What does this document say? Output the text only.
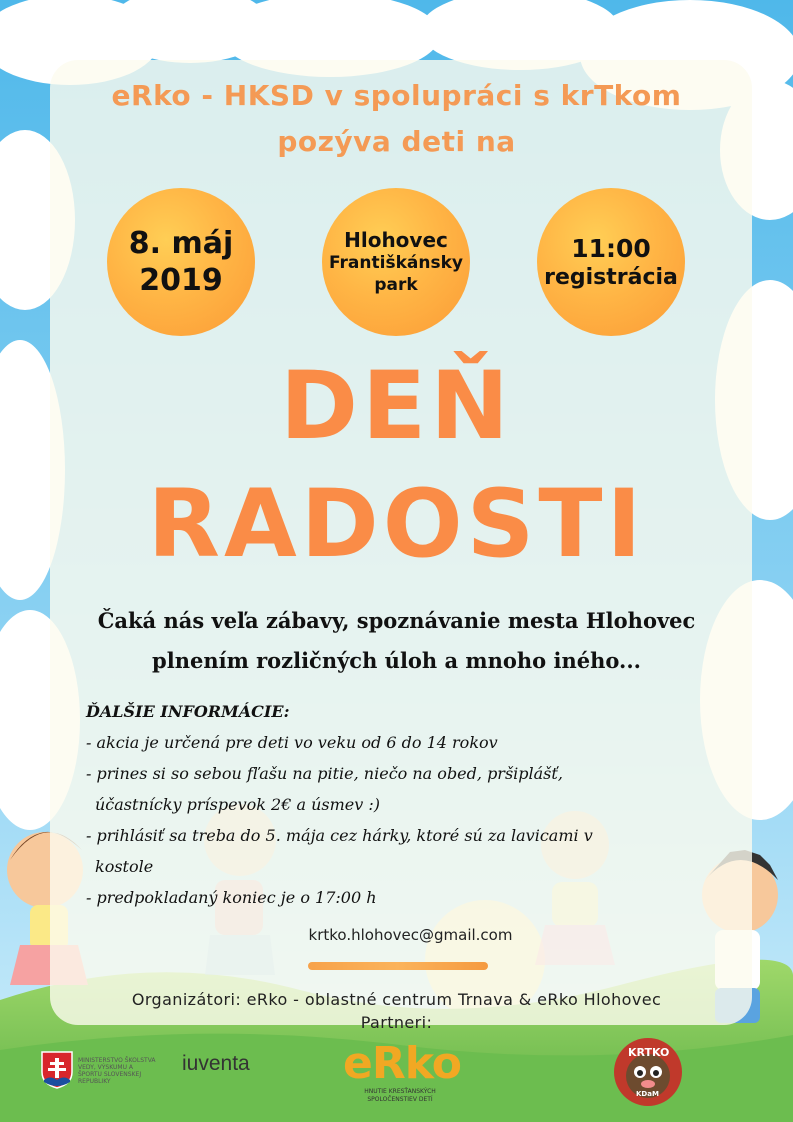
eRko - HKSD v spolupráci s krTkom
pozýva deti na
8. máj
2019
Hlohovec
Františkánsky
park
11:00
registrácia
DEŇ
RADOSTI
Čaká nás veľa zábavy, spoznávanie mesta Hlohovec
plnením rozličných úloh a mnoho iného...
ĎALŠIE INFORMÁCIE:
- akcia je určená pre deti vo veku od 6 do 14 rokov
- prines si so sebou fľašu na pitie, niečo na obed, pršiplášť,
účastnícky príspevok 2€ a úsmev :)
- prihlásiť sa treba do 5. mája cez hárky, ktoré sú za lavicami v
kostole
- predpokladaný koniec je o 17:00 h
krtko.hlohovec@gmail.com
Organizátori: eRko - oblastné centrum Trnava & eRko Hlohovec
Partneri:
MINISTERSTVO ŠKOLSTVA VEDY, VÝSKUMU A ŠPORTU SLOVENSKEJ REPUBLIKY
iuventa eRko
HNUTIE KRESŤANSKÝCH SPOLOČENSTIEV DETÍ
KRTKO
KDaM
